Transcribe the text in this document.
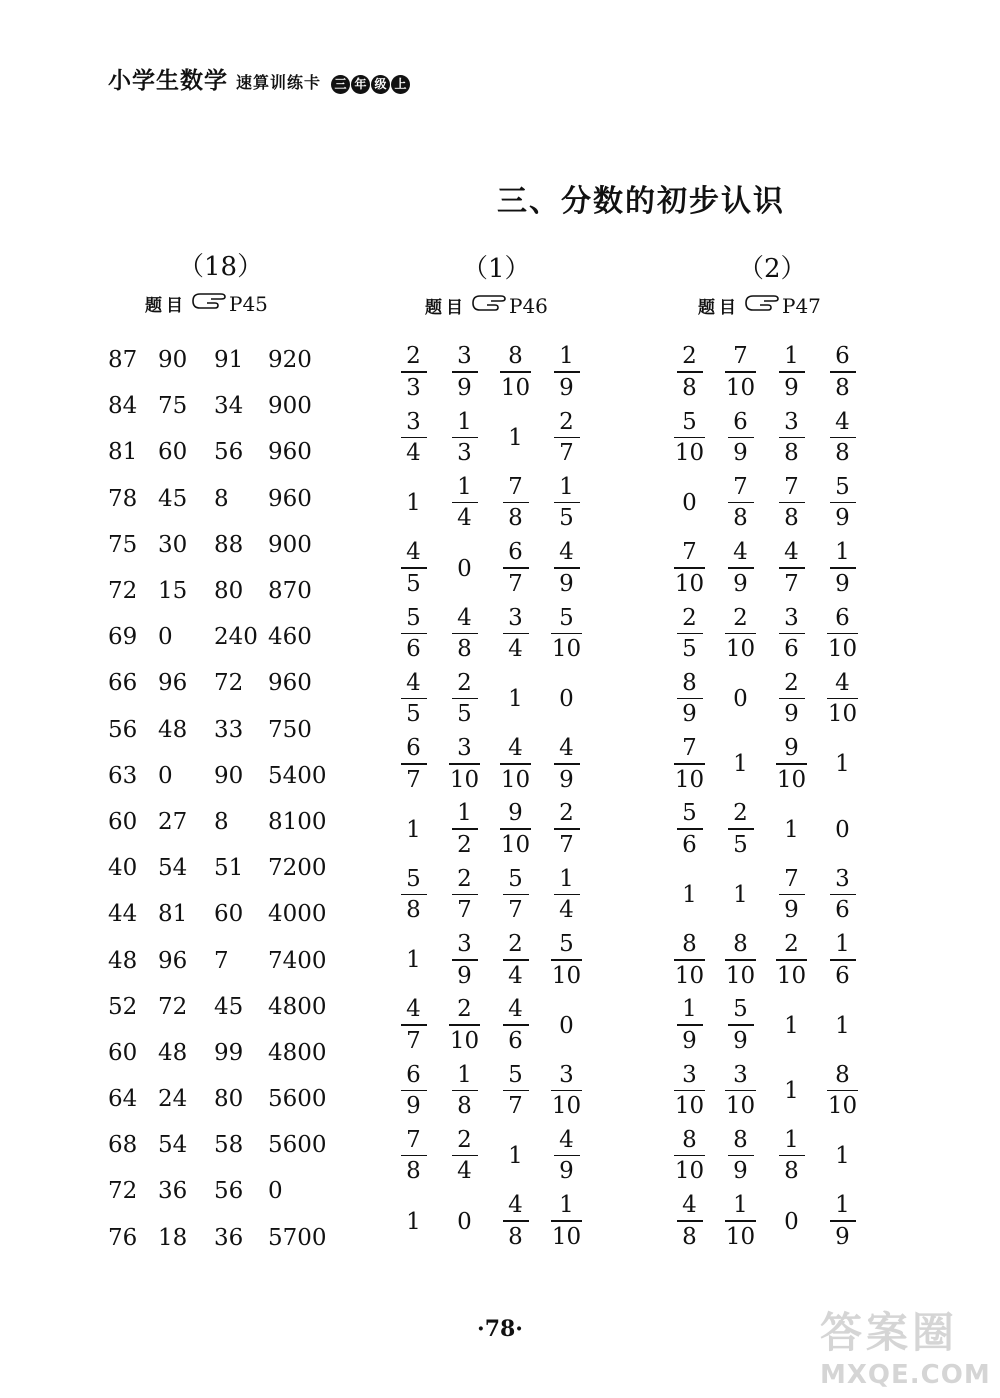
小学生数学 速算训练卡 三 年 级 上
三、分数的初步认识
（18）	（1）	（2）
题目 P45	题目 P46	题目 P47
87 90	91	920
84 75	34	900
81 60	56	960
78 45	8	960
75 30	88	900
72 15	80	870
69 0	240 460
66 96	72	960
56 48	33	750
63 0	90	5400
60 27	8	8100
40 54	51	7200
44 81	60	4000
48 96	7	7400
52 72	45	4800
60 48	99	4800
64 24	80	5600
68 54	58	5600
72 36	56	0
76 18	36	5700
$\frac{2}{3} \frac{3}{9} \frac{8}{10} \frac{1}{9}$
$\frac{3}{4} \frac{1}{3} 1 \frac{2}{7}$
$1 \frac{1}{4} \frac{7}{8} \frac{1}{5}$
$\frac{4}{5} 0 \frac{6}{7} \frac{4}{9}$
$\frac{5}{6} \frac{4}{8} \frac{3}{4} \frac{5}{10}$
$\frac{4}{5} \frac{2}{5} 1$ 0
$\frac{6}{7} \frac{3}{10} \frac{4}{10} \frac{4}{9}$
$1 \frac{1}{2} \frac{9}{10} \frac{2}{7}$
$\frac{5}{8} \frac{2}{7} \frac{5}{7} \frac{1}{4}$
$1 \frac{3}{9} \frac{2}{4} \frac{5}{10}$
$\frac{4}{7} \frac{2}{10} \frac{4}{6} 0$
$\frac{6}{9} \frac{1}{8} \frac{5}{7} \frac{3}{10}$
$\frac{7}{8} \frac{2}{4} 1 \frac{4}{9}$
1 $0 \frac{4}{8} \frac{1}{10}$
$\frac{2}{8} \frac{7}{10} \frac{1}{9} \frac{6}{8}$
$\frac{5}{10} \frac{6}{9} \frac{3}{8} \frac{4}{8}$
$0 \frac{7}{8} \frac{7}{8} \frac{5}{9}$
$\frac{7}{10} \frac{4}{9} \frac{4}{7} \frac{1}{9}$
$\frac{2}{5} \frac{2}{10} \frac{3}{6} \frac{6}{10}$
$\frac{8}{9} 0 \frac{2}{9} \frac{4}{10}$
$\frac{7}{10} 1 \frac{9}{10} 1$
$\frac{5}{6} \frac{2}{5} 1$ 0
1 $1 \frac{7}{9} \frac{3}{6}$
$\frac{8}{10} \frac{8}{10} \frac{2}{10} \frac{1}{6}$
$\frac{1}{9} \frac{5}{9} 1$ 1
$\frac{3}{10} \frac{3}{10} 1 \frac{8}{10}$
$\frac{8}{10} \frac{8}{9} \frac{1}{8} 1$
$\frac{4}{8} \frac{1}{10} 0 \frac{1}{9}$
·78·	答案圈
MXQE.COM
